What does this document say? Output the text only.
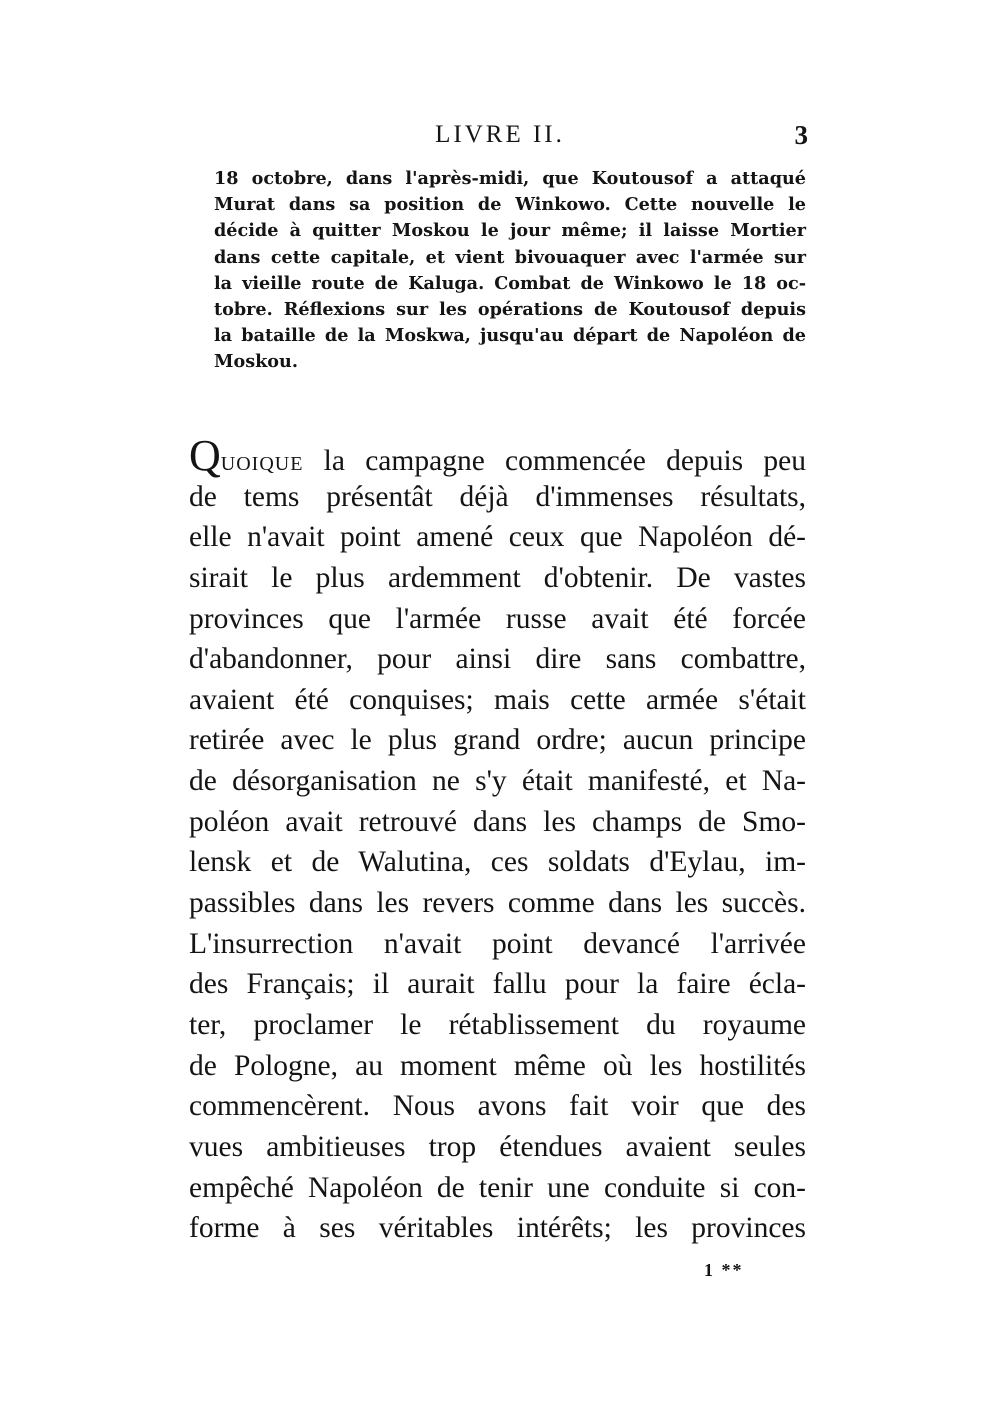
LIVRE II.	3
18 octobre, dans l'après-midi, que Koutousof a attaqué
Murat dans sa position de Winkowo. Cette nouvelle le
décide à quitter Moskou le jour même; il laisse Mortier
dans cette capitale, et vient bivouaquer avec l'armée sur
la vieille route de Kaluga. Combat de Winkowo le 18 oc-
tobre. Réflexions sur les opérations de Koutousof depuis
la bataille de la Moskwa, jusqu'au départ de Napoléon de
Moskou.
QUOIQUE la campagne commencée depuis peu
de tems présentât déjà d'immenses résultats,
elle n'avait point amené ceux que Napoléon dé-
sirait le plus ardemment d'obtenir. De vastes
provinces que l'armée russe avait été forcée
d'abandonner, pour ainsi dire sans combattre,
avaient été conquises; mais cette armée s'était
retirée avec le plus grand ordre; aucun principe
de désorganisation ne s'y était manifesté, et Na-
poléon avait retrouvé dans les champs de Smo-
lensk et de Walutina, ces soldats d'Eylau, im-
passibles dans les revers comme dans les succès.
L'insurrection n'avait point devancé l'arrivée
des Français; il aurait fallu pour la faire écla-
ter, proclamer le rétablissement du royaume
de Pologne, au moment même où les hostilités
commencèrent. Nous avons fait voir que des
vues ambitieuses trop étendues avaient seules
empêché Napoléon de tenir une conduite si con-
forme à ses véritables intérêts; les provinces
1 **
